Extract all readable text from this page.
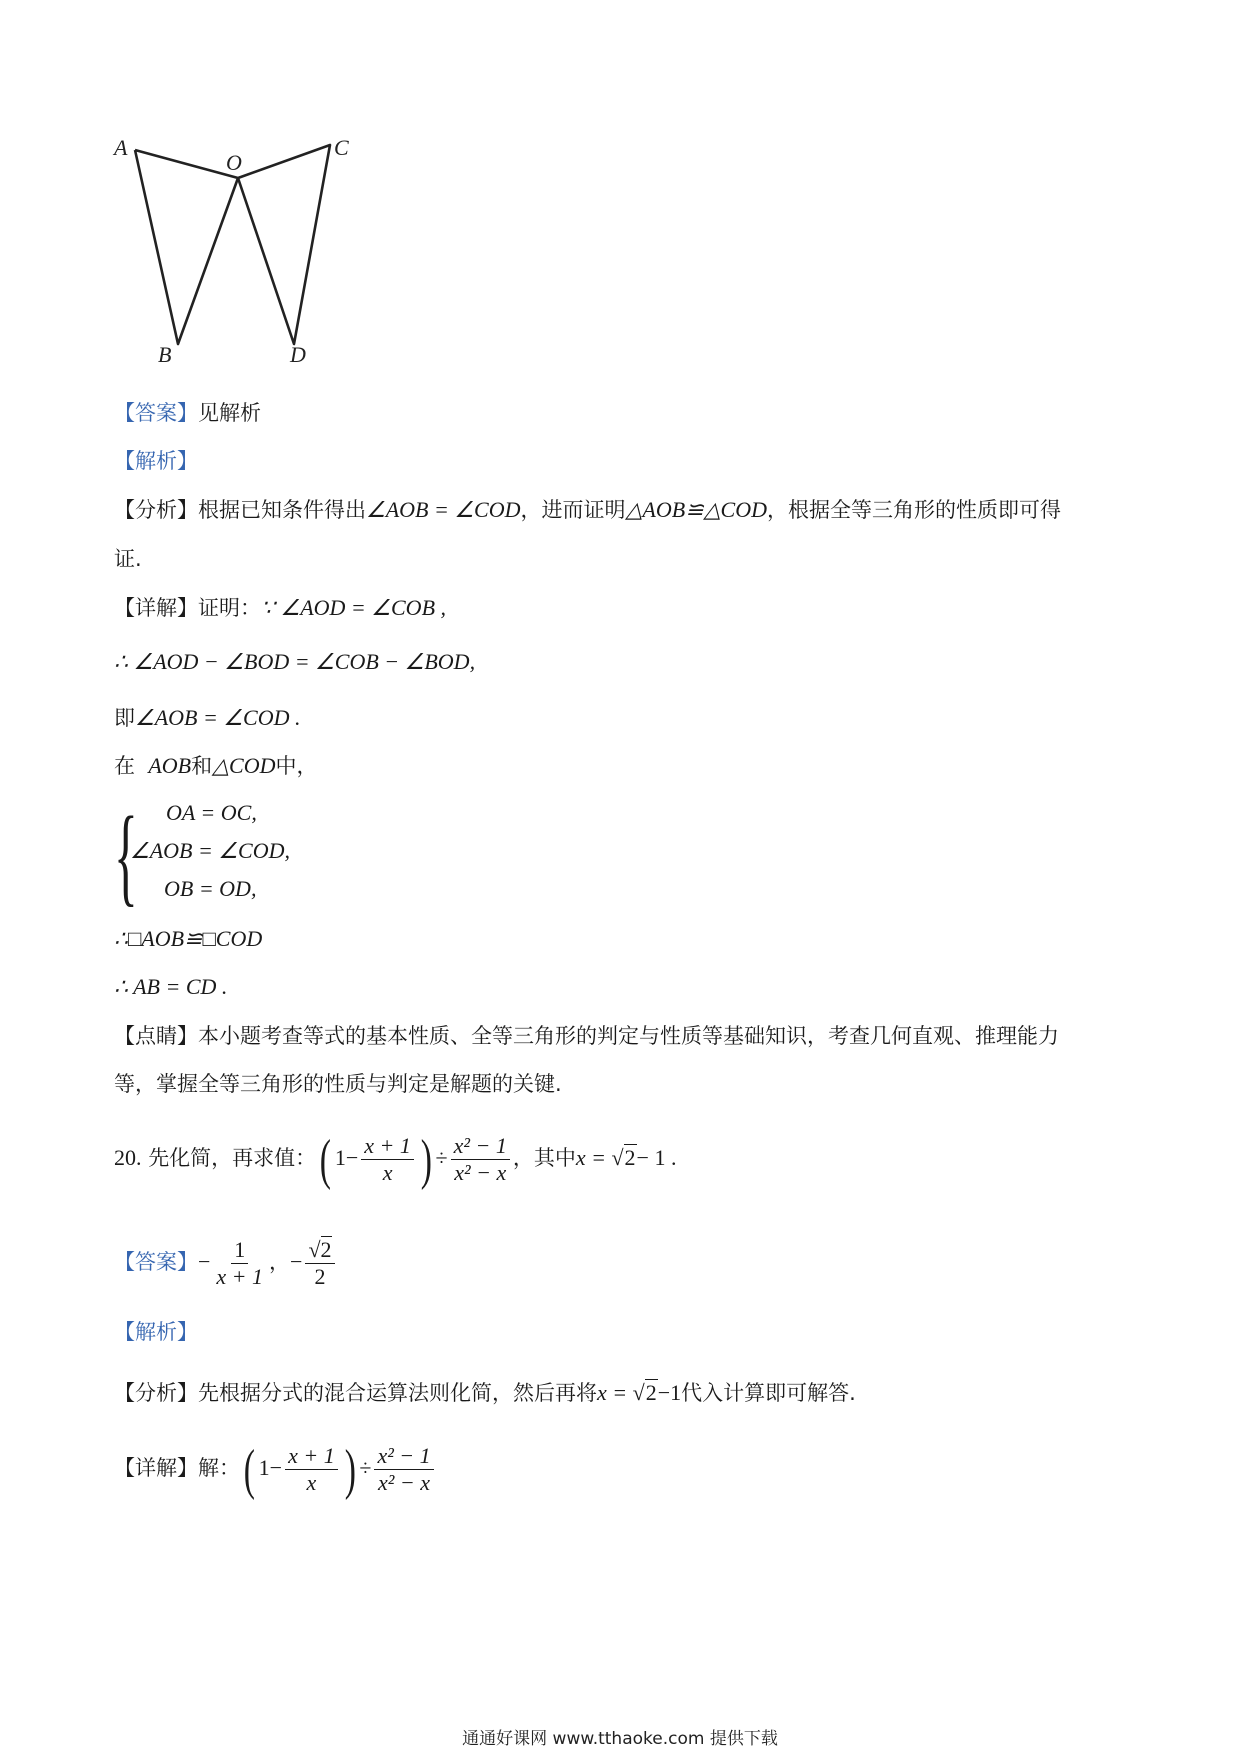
A
O
C
B	D
【答案】见解析
【解析】
【分析】根据已知条件得出∠AOB = ∠COD，进而证明△AOB≌△COD，根据全等三角形的性质即可得
证.
【详解】证明：∵ ∠AOD = ∠COB ,
∴ ∠AOD − ∠BOD = ∠COB − ∠BOD,
即∠AOB = ∠COD .
在 AOB和△COD中，
{ OA = OC,
∠AOB = ∠COD,
OB = OD,
∴□AOB≌□COD
∴ AB = CD .
【点睛】本小题考查等式的基本性质、全等三角形的判定与性质等基础知识，考查几何直观、推理能力
等，掌握全等三角形的性质与判定是解题的关键.
20. 先化简，再求值：( $1- \frac{x + 1}{x}$ ) ÷ $\frac{\text{x² − 1}}{\text{x² − x}}$ ，其中x = √2− 1 .
【答案】− $\frac{1}{x + 1}$ ，− $\frac{√2}{2}$
【解析】
【分析】先根据分式的混合运算法则化简，然后再将x = √2−1代入计算即可解答.
【详解】解：( $1- \frac{x + 1}{x}$ ) ÷ $\frac{\text{x² − 1}}{\text{x² − x}}$
通通好课网 www.tthaoke.com 提供下载
